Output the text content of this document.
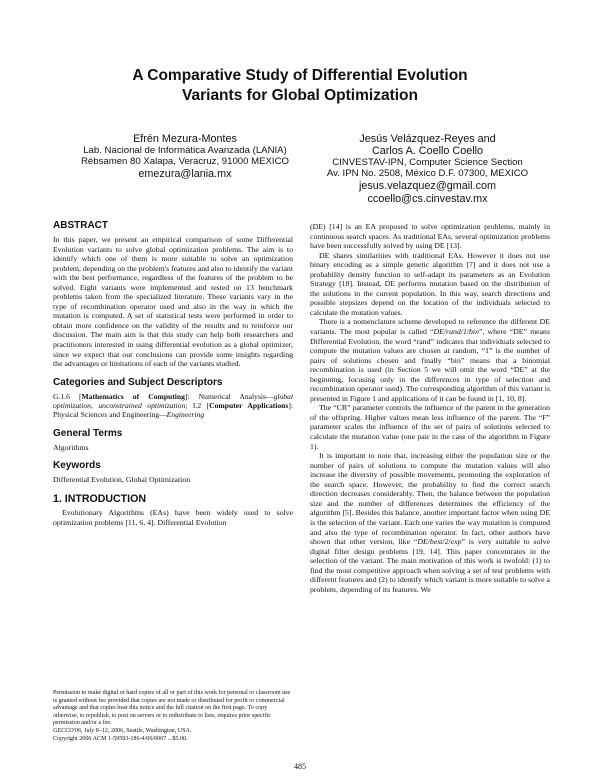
A Comparative Study of Differential Evolution
Variants for Global Optimization
Efrén Mezura-Montes
Lab. Nacional de Informática Avanzada (LANIA)
Rébsamen 80 Xalapa, Veracruz, 91000 MEXICO
emezura@lania.mx
Jesús Velázquez-Reyes and
Carlos A. Coello Coello
CINVESTAV-IPN, Computer Science Section
Av. IPN No. 2508, México D.F. 07300, MEXICO
jesus.velazquez@gmail.com
ccoello@cs.cinvestav.mx
ABSTRACT

In this paper, we present an empirical comparison of some Differential Evolution variants to solve global optimization problems. The aim is to identify which one of them is more suitable to solve an optimization problem, depending on the problem's features and also to identify the variant with the best performance, regardless of the features of the problem to be solved. Eight variants were implemented and tested on 13 benchmark problems taken from the specialized literature. These variants vary in the type of recombination operator used and also in the way in which the mutation is computed. A set of statistical tests were performed in order to obtain more confidence on the validity of the results and to reinforce our discussion. The main aim is that this study can help both researchers and practitioners interested in using differential evolution as a global optimizer, since we expect that our conclusions can provide some insights regarding the advantages or limitations of each of the variants studied.

Categories and Subject Descriptors

G.1.6 [Mathematics of Computing]: Numerical Analysis—global optimization, unconstrained optimization; I.2 [Computer Applications]: Physical Sciences and Engineering—Engineering

General Terms

Algorithms

Keywords

Differential Evolution, Global Optimization

1. INTRODUCTION

Evolutionary Algorithms (EAs) have been widely used to solve optimization problems [11, 6, 4]. Differential Evolution

Permission to make digital or hard copies of all or part of this work for personal or classroom use is granted without fee provided that copies are not made or distributed for profit or commercial advantage and that copies bear this notice and the full citation on the first page. To copy otherwise, to republish, to post on servers or to redistribute to lists, requires prior specific permission and/or a fee.

GECCO'06, July 8–12, 2006, Seattle, Washington, USA.

Copyright 2006 ACM 1-59593-186-4/06/0007 ...$5.00.

(DE) [14] is an EA proposed to solve optimization problems, mainly in continuous search spaces. As traditional EAs, several optimization problems have been successfully solved by using DE [13].

DE shares similarities with traditional EAs. However it does not use binary encoding as a simple genetic algorithm [7] and it does not use a probability density function to self-adapt its parameters as an Evolution Strategy [18]. Instead, DE performs mutation based on the distribution of the solutions in the current population. In this way, search directions and possible stepsizes depend on the location of the individuals selected to calculate the mutation values.

There is a nomenclature scheme developed to reference the different DE variants. The most popular is called “DE/rand/1/bin”, where “DE” means Differential Evolution, the word “rand” indicates that individuals selected to compute the mutation values are chosen at random, “1” is the number of pairs of solutions chosen and finally “bin” means that a binomial recombination is used (in Section 5 we will omit the word “DE” at the beginning, focusing only in the differences in type of selection and recombination operator used). The corresponding algorithm of this variant is presented in Figure 1 and applications of it can be found in [1, 10, 8].

The “CR” parameter controls the influence of the parent in the generation of the offspring. Higher values mean less influence of the parent. The “F” parameter scales the influence of the set of pairs of solutions selected to calculate the mutation value (one pair in the case of the algorithm in Figure 1).

It is important to note that, increasing either the population size or the number of pairs of solutions to compute the mutation values will also increase the diversity of possible movements, promoting the exploration of the search space. However, the probability to find the correct search direction decreases considerably. Then, the balance between the population size and the number of differences determines the efficiency of the algorithm [5]. Besides this balance, another important factor when using DE is the selection of the variant. Each one varies the way mutation is computed and also the type of recombination operator. In fact, other authors have shown that other version, like “DE/best/2/exp” is very suitable to solve digital filter design problems [19, 14]. This paper concentrates in the selection of the variant. The main motivation of this work is twofold: (1) to find the most competitive approach when solving a set of test problems with different features and (2) to identify which variant is more suitable to solve a problem, depending of its features. We

485
